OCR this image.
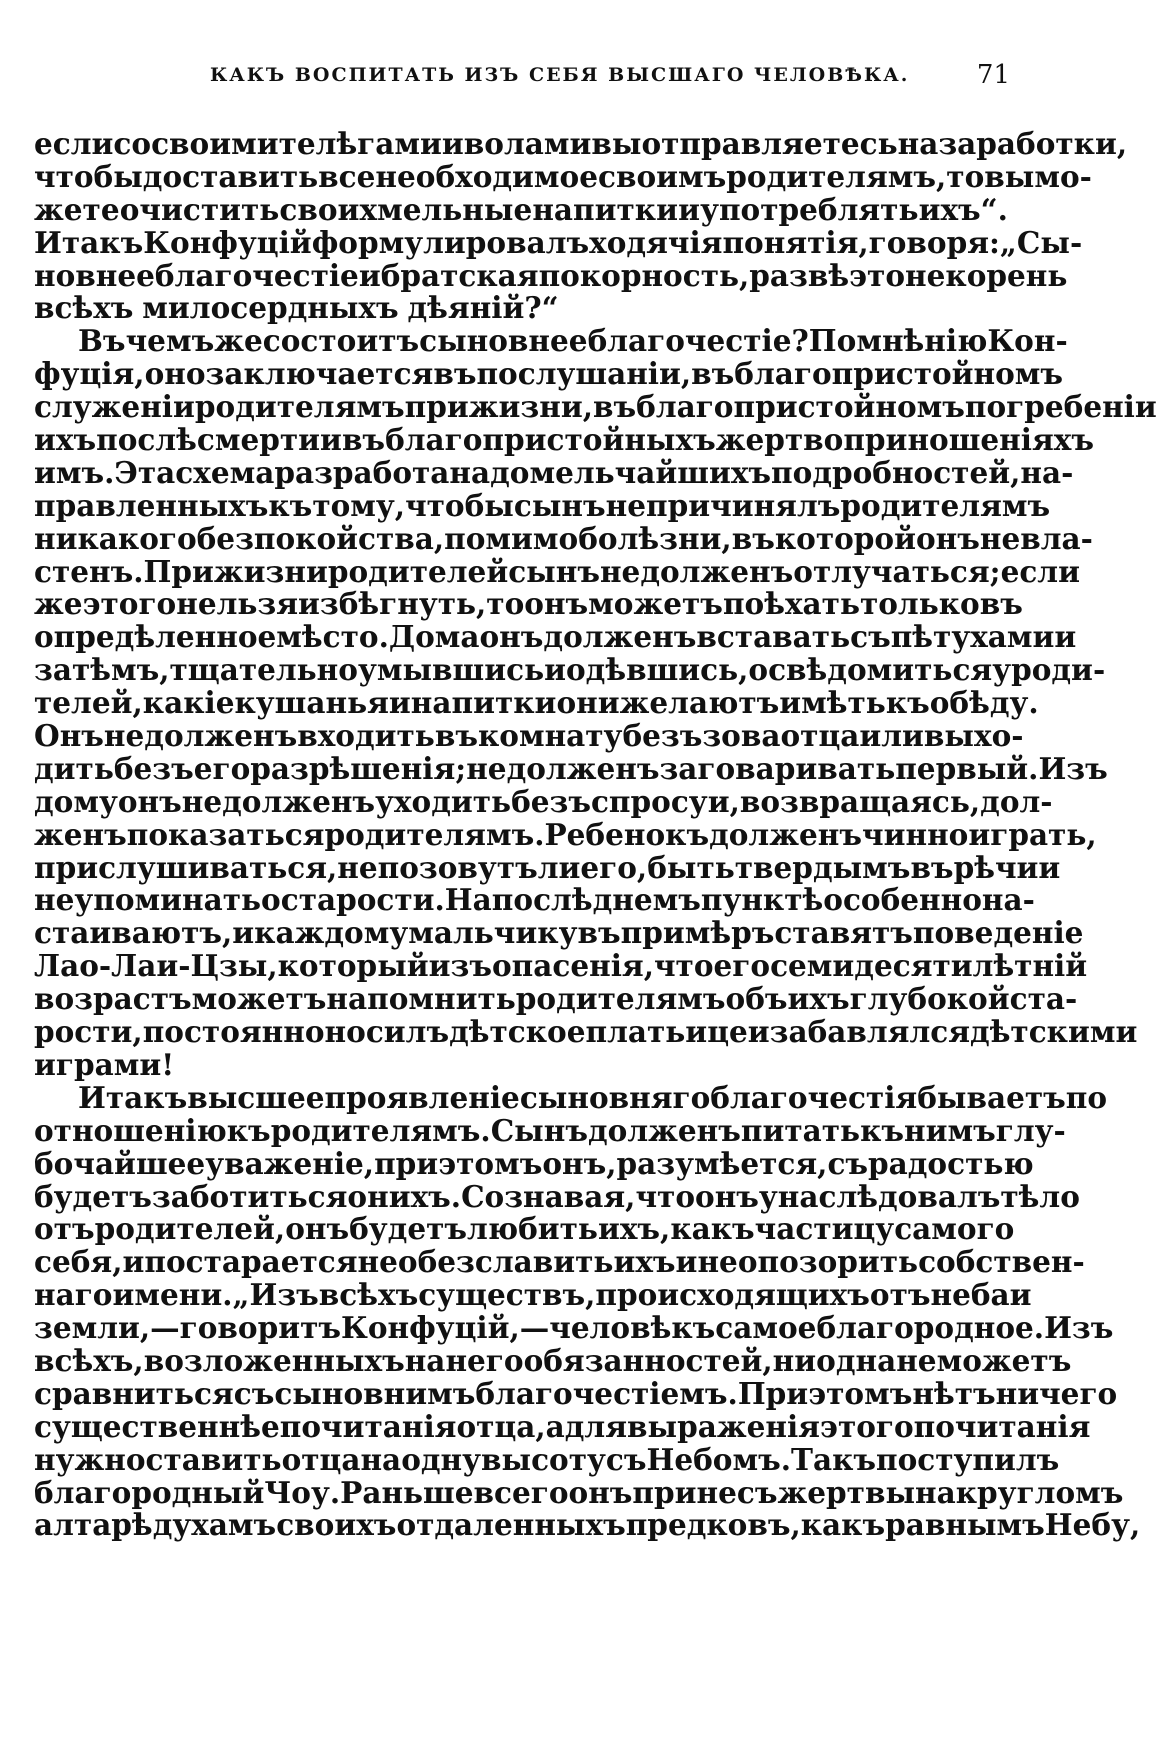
КАКЪ ВОСПИТАТЬ ИЗЪ СЕБЯ ВЫСШАГО ЧЕЛОВѢКА.	71
если со своими телѣгами и волами вы отправляетесь на заработки,
чтобы доставить все необходимое своимъ родителямъ, то вы мо-
жете очистить свои хмельные напитки и употреблять ихъ“.
Итакъ Конфуцій формулировалъ ходячія понятія, говоря: „Сы-
новнее благочестіе и братская покорность, развѣ это не корень
всѣхъ милосердныхъ дѣяній?“
Въ чемъ же состоитъ сыновнее благочестіе? По мнѣнію Кон-
фуція, оно заключается въ послушаніи, въ благопристойномъ
служеніи родителямъ при жизни, въ благопристойномъ погребеніи
ихъ послѣ смерти и въ благопристойныхъ жертвоприношеніяхъ
имъ. Эта схема разработана до мельчайшихъ подробностей, на-
правленныхъ къ тому, чтобы сынъ не причинялъ родителямъ
никакого безпокойства, помимо болѣзни, въ которой онъ не вла-
стенъ. При жизни родителей сынъ не долженъ отлучаться; если
же этого нельзя избѣгнуть, то онъ можетъ поѣхать только въ
опредѣленное мѣсто. Дома онъ долженъ вставать съ пѣтухами и
затѣмъ, тщательно умывшись и одѣвшись, освѣдомиться у роди-
телей, какіе кушанья и напитки они желаютъ имѣть къ обѣду.
Онъ не долженъ входить въ комнату безъ зова отца или выхо-
дить безъ его разрѣшенія; не долженъ заговаривать первый. Изъ
дому онъ не долженъ уходить безъ спросу и, возвращаясь, дол-
женъ показаться родителямъ. Ребенокъ долженъ чинно играть,
прислушиваться, не позовутъ ли его, быть твердымъ въ рѣчи и
не упоминать о старости. На послѣднемъ пунктѣ особенно на-
стаиваютъ, и каждому мальчику въ примѣръ ставятъ поведеніе
Лао-Лаи-Цзы, который изъ опасенія, что его семидесятилѣтній
возрастъ можетъ напомнить родителямъ объ ихъ глубокой ста-
рости, постоянно носилъ дѣтское платьице и забавлялся дѣтскими
играми!
Итакъ высшее проявленіе сыновняго благочестія бываетъ по
отношенію къ родителямъ. Сынъ долженъ питать къ нимъ глу-
бочайшее уваженіе, при этомъ онъ, разумѣется, съ радостью
будетъ заботиться о нихъ. Сознавая, что онъ унаслѣдовалъ тѣло
отъ родителей, онъ будетъ любить ихъ, какъ частицу самого
себя, и постарается не обезславить ихъ и не опозорить собствен-
наго имени. „Изъ всѣхъ существъ, происходящихъ отъ неба и
земли, — говоритъ Конфуцій, — человѣкъ самое благородное. Изъ
всѣхъ, возложенныхъ на него обязанностей, ни одна не можетъ
сравниться съ сыновнимъ благочестіемъ. При этомъ нѣтъ ничего
существеннѣе почитанія отца, а для выраженія этого почитанія
нужно ставить отца на одну высоту съ Небомъ. Такъ поступилъ
благородный Чоу. Раньше всего онъ принесъ жертвы на кругломъ
алтарѣ духамъ своихъ отдаленныхъ предковъ, какъ равнымъ Небу,
